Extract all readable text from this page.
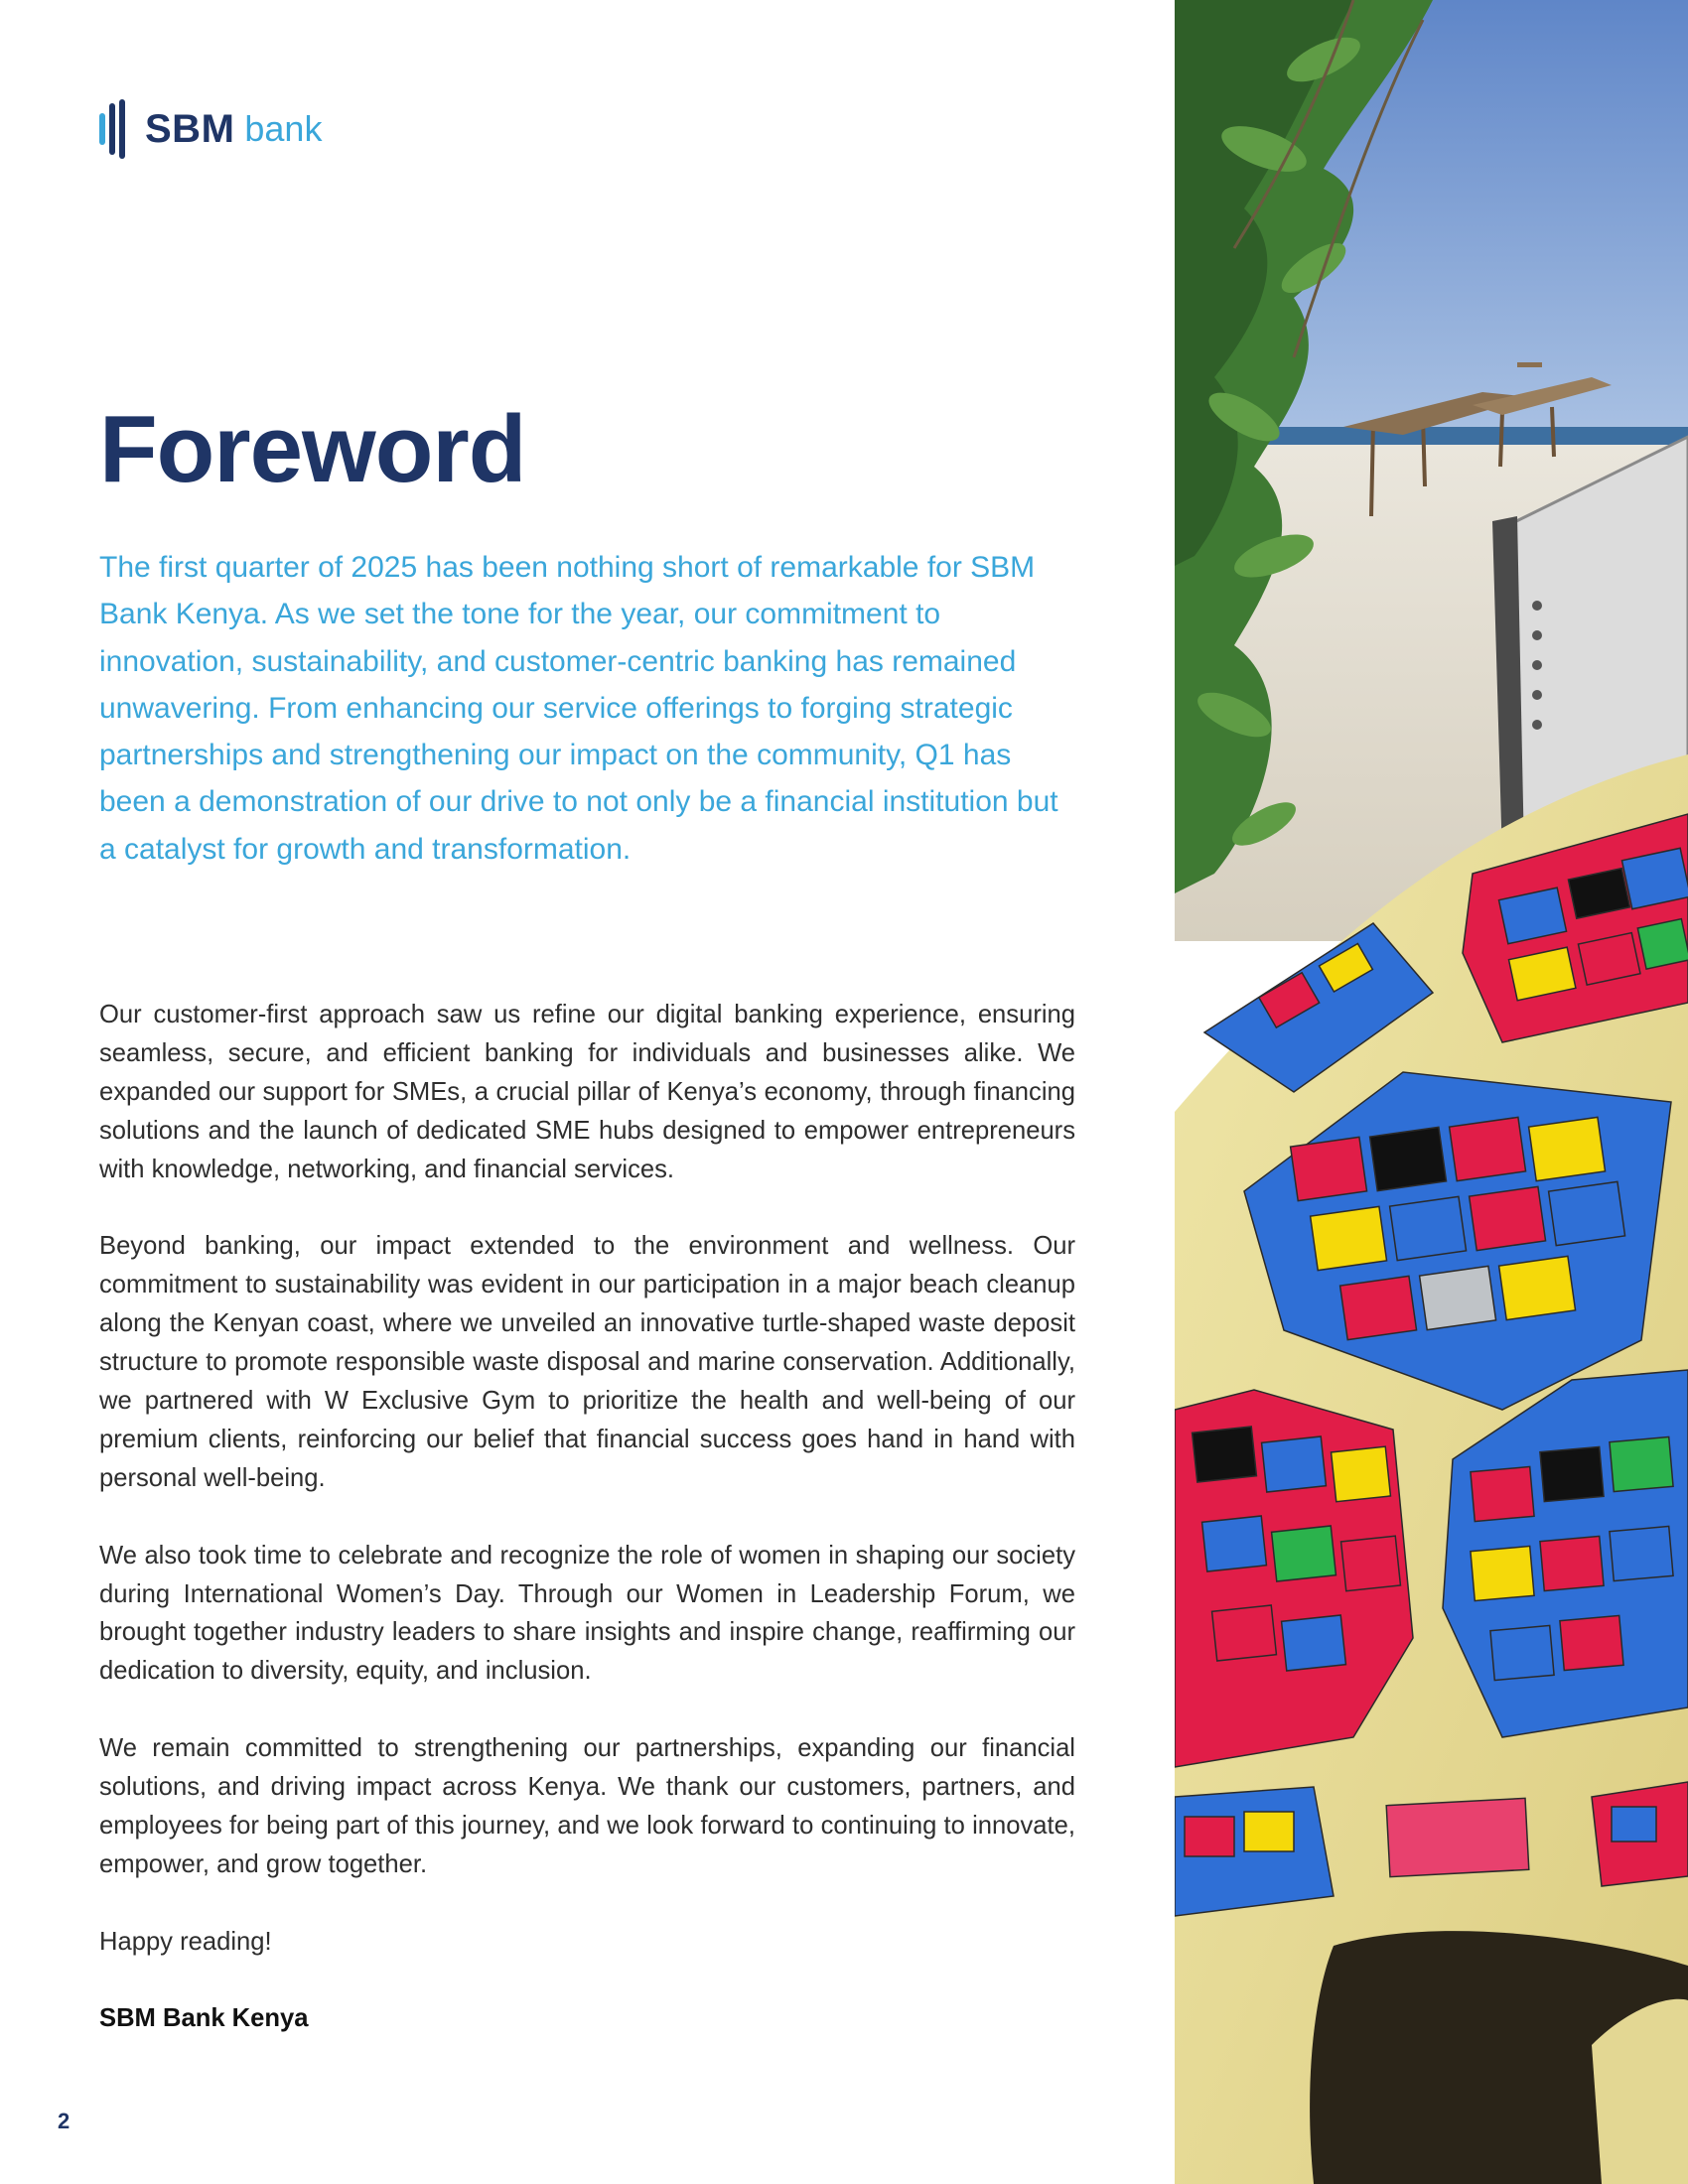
SBM bank
Foreword

The first quarter of 2025 has been nothing short of remarkable for SBM Bank Kenya. As we set the tone for the year, our commitment to innovation, sustainability, and customer-centric banking has remained unwavering. From enhancing our service offerings to forging strategic partnerships and strengthening our impact on the community, Q1 has been a demonstration of our drive to not only be a financial institution but a catalyst for growth and transformation.

Our customer-first approach saw us refine our digital banking experience, ensuring seamless, secure, and efficient banking for individuals and businesses alike. We expanded our support for SMEs, a crucial pillar of Kenya’s economy, through financing solutions and the launch of dedicated SME hubs designed to empower entrepreneurs with knowledge, networking, and financial services.

Beyond banking, our impact extended to the environment and wellness. Our commitment to sustainability was evident in our participation in a major beach cleanup along the Kenyan coast, where we unveiled an innovative turtle-shaped waste deposit structure to promote responsible waste disposal and marine conservation. Additionally, we partnered with W Exclusive Gym to prioritize the health and well-being of our premium clients, reinforcing our belief that financial success goes hand in hand with personal well-being.

We also took time to celebrate and recognize the role of women in shaping our society during International Women’s Day. Through our Women in Leadership Forum, we brought together industry leaders to share insights and inspire change, reaffirming our dedication to diversity, equity, and inclusion.

We remain committed to strengthening our partnerships, expanding our financial solutions, and driving impact across Kenya. We thank our customers, partners, and employees for being part of this journey, and we look forward to continuing to innovate, empower, and grow together.

Happy reading!

SBM Bank Kenya

2
